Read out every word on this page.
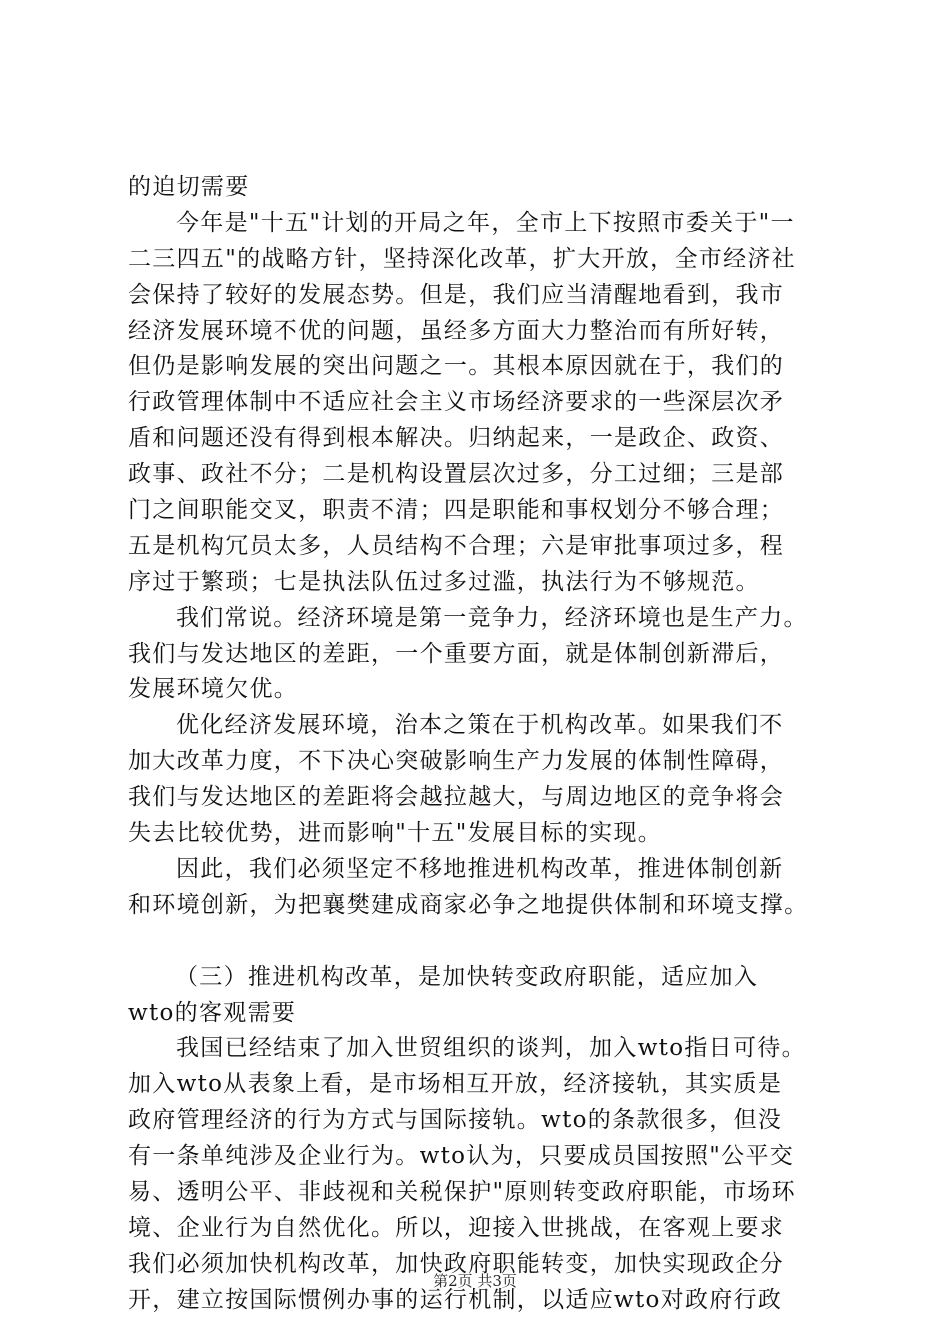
的迫切需要
今年是"十五"计划的开局之年，全市上下按照市委关于"一
二三四五"的战略方针，坚持深化改革，扩大开放，全市经济社
会保持了较好的发展态势。但是，我们应当清醒地看到，我市
经济发展环境不优的问题，虽经多方面大力整治而有所好转，
但仍是影响发展的突出问题之一。其根本原因就在于，我们的
行政管理体制中不适应社会主义市场经济要求的一些深层次矛
盾和问题还没有得到根本解决。归纳起来，一是政企、政资、
政事、政社不分；二是机构设置层次过多，分工过细；三是部
门之间职能交叉，职责不清；四是职能和事权划分不够合理；
五是机构冗员太多，人员结构不合理；六是审批事项过多，程
序过于繁琐；七是执法队伍过多过滥，执法行为不够规范。
我们常说。经济环境是第一竞争力，经济环境也是生产力。
我们与发达地区的差距，一个重要方面，就是体制创新滞后，
发展环境欠优。
优化经济发展环境，治本之策在于机构改革。如果我们不
加大改革力度，不下决心突破影响生产力发展的体制性障碍，
我们与发达地区的差距将会越拉越大，与周边地区的竞争将会
失去比较优势，进而影响"十五"发展目标的实现。
因此，我们必须坚定不移地推进机构改革，推进体制创新
和环境创新，为把襄樊建成商家必争之地提供体制和环境支撑。
（三）推进机构改革，是加快转变政府职能，适应加入
wto的客观需要
我国已经结束了加入世贸组织的谈判，加入wto指日可待。
加入wto从表象上看，是市场相互开放，经济接轨，其实质是
政府管理经济的行为方式与国际接轨。wto的条款很多，但没
有一条单纯涉及企业行为。wto认为，只要成员国按照"公平交
易、透明公平、非歧视和关税保护"原则转变政府职能，市场环
境、企业行为自然优化。所以，迎接入世挑战，在客观上要求
我们必须加快机构改革，加快政府职能转变，加快实现政企分
开，建立按国际惯例办事的运行机制，以适应wto对政府行政
第2页 共3页
